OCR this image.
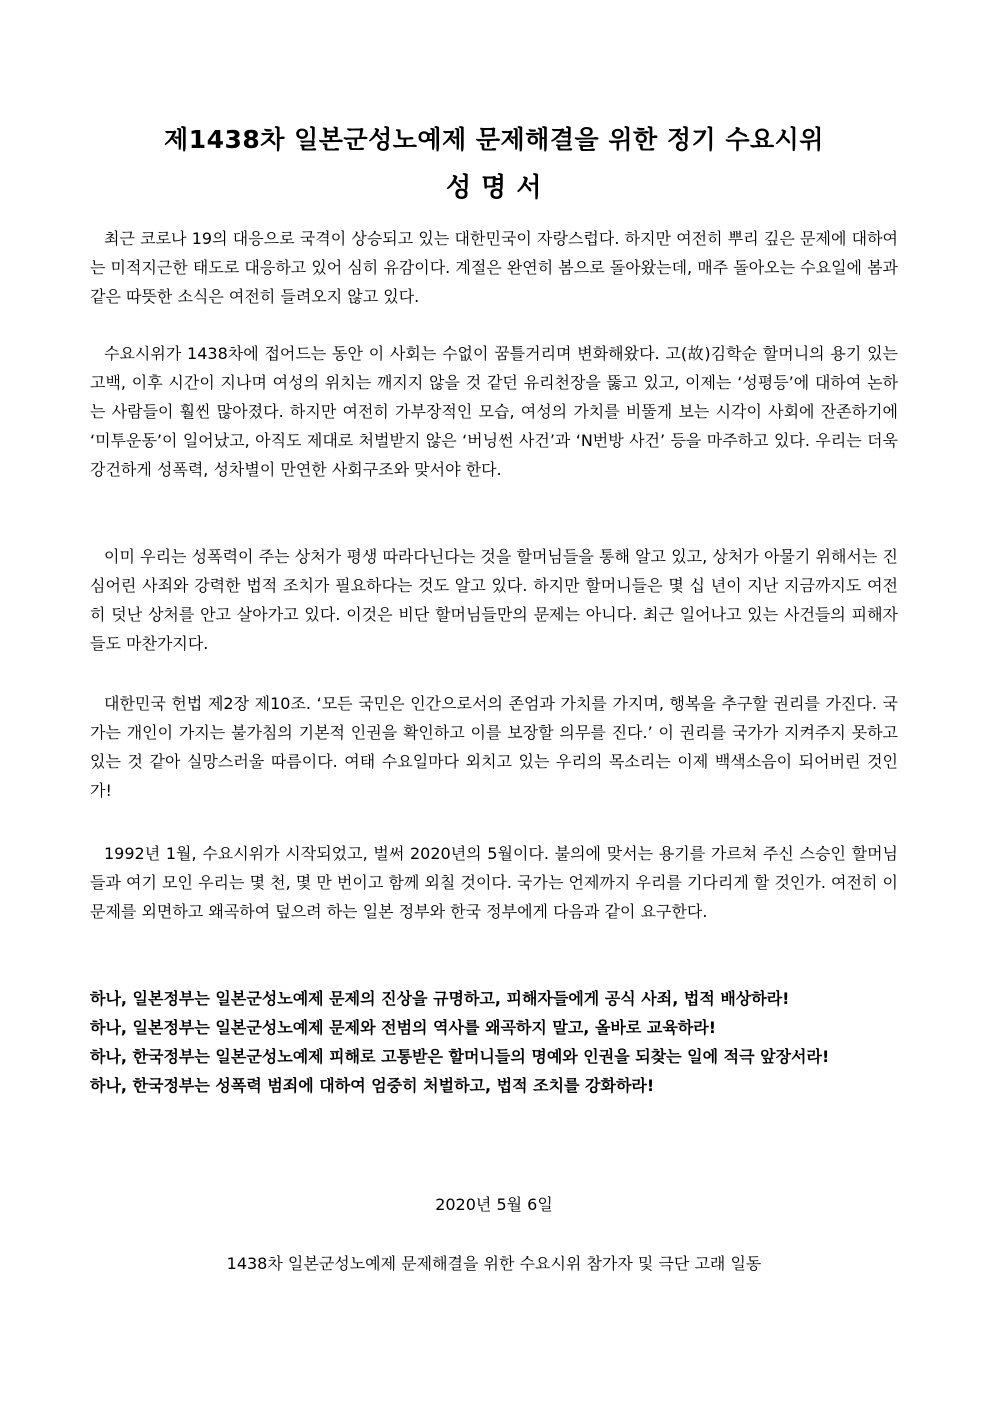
제1438차 일본군성노예제 문제해결을 위한 정기 수요시위
성 명 서

최근 코로나 19의 대응으로 국격이 상승되고 있는 대한민국이 자랑스럽다. 하지만 여전히 뿌리 깊은 문제에 대하여는 미적지근한 태도로 대응하고 있어 심히 유감이다. 계절은 완연히 봄으로 돌아왔는데, 매주 돌아오는 수요일에 봄과 같은 따뜻한 소식은 여전히 들려오지 않고 있다.

수요시위가 1438차에 접어드는 동안 이 사회는 수없이 꿈틀거리며 변화해왔다. 고(故)김학순 할머니의 용기 있는 고백, 이후 시간이 지나며 여성의 위치는 깨지지 않을 것 같던 유리천장을 뚫고 있고, 이제는 ‘성평등’에 대하여 논하는 사람들이 훨씬 많아졌다. 하지만 여전히 가부장적인 모습, 여성의 가치를 비뚤게 보는 시각이 사회에 잔존하기에 ‘미투운동’이 일어났고, 아직도 제대로 처벌받지 않은 ‘버닝썬 사건’과 ‘N번방 사건’ 등을 마주하고 있다. 우리는 더욱 강건하게 성폭력, 성차별이 만연한 사회구조와 맞서야 한다.

이미 우리는 성폭력이 주는 상처가 평생 따라다닌다는 것을 할머님들을 통해 알고 있고, 상처가 아물기 위해서는 진심어린 사죄와 강력한 법적 조치가 필요하다는 것도 알고 있다. 하지만 할머니들은 몇 십 년이 지난 지금까지도 여전히 덧난 상처를 안고 살아가고 있다. 이것은 비단 할머님들만의 문제는 아니다. 최근 일어나고 있는 사건들의 피해자들도 마찬가지다.

대한민국 헌법 제2장 제10조. ‘모든 국민은 인간으로서의 존엄과 가치를 가지며, 행복을 추구할 권리를 가진다. 국가는 개인이 가지는 불가침의 기본적 인권을 확인하고 이를 보장할 의무를 진다.’ 이 권리를 국가가 지켜주지 못하고 있는 것 같아 실망스러울 따름이다. 여태 수요일마다 외치고 있는 우리의 목소리는 이제 백색소음이 되어버린 것인가!

1992년 1월, 수요시위가 시작되었고, 벌써 2020년의 5월이다. 불의에 맞서는 용기를 가르쳐 주신 스승인 할머님들과 여기 모인 우리는 몇 천, 몇 만 번이고 함께 외칠 것이다. 국가는 언제까지 우리를 기다리게 할 것인가. 여전히 이 문제를 외면하고 왜곡하여 덮으려 하는 일본 정부와 한국 정부에게 다음과 같이 요구한다.

하나, 일본정부는 일본군성노예제 문제의 진상을 규명하고, 피해자들에게 공식 사죄, 법적 배상하라!
하나, 일본정부는 일본군성노예제 문제와 전범의 역사를 왜곡하지 말고, 올바로 교육하라!
하나, 한국정부는 일본군성노예제 피해로 고통받은 할머니들의 명예와 인권을 되찾는 일에 적극 앞장서라!
하나, 한국정부는 성폭력 범죄에 대하여 엄중히 처벌하고, 법적 조치를 강화하라!
2020년 5월 6일
1438차 일본군성노예제 문제해결을 위한 수요시위 참가자 및 극단 고래 일동
